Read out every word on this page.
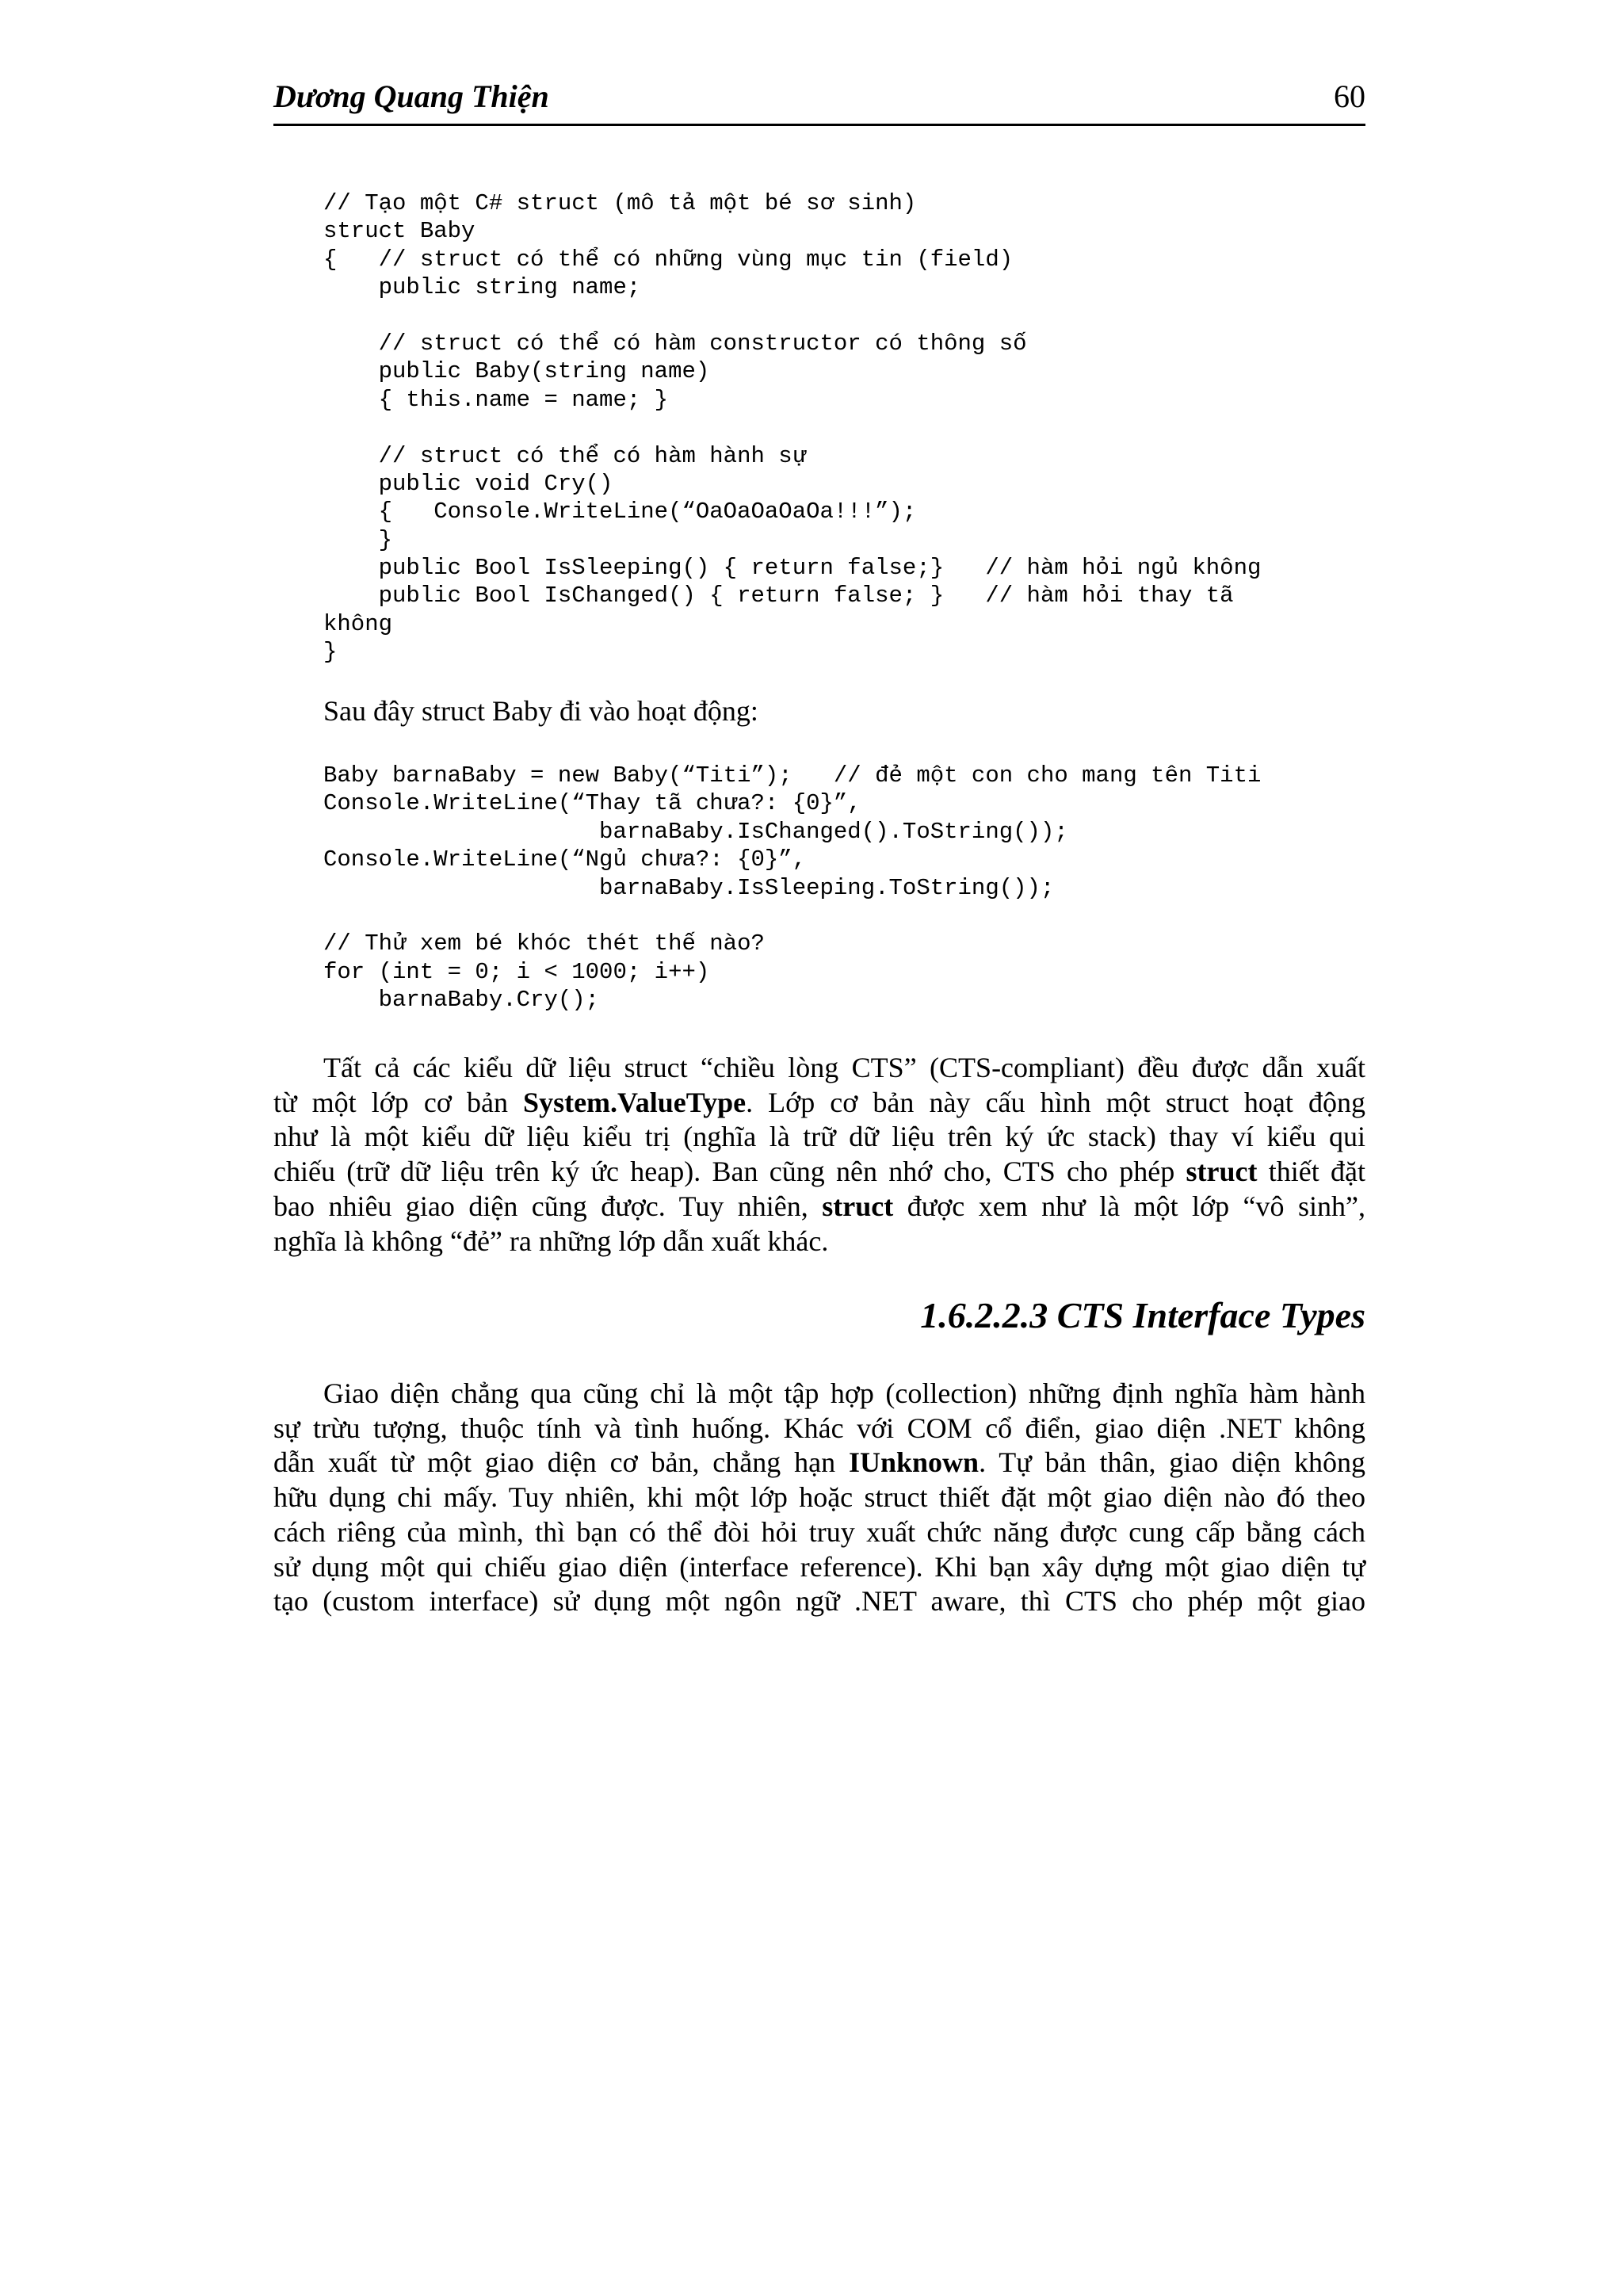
Dương Quang Thiện	60
// Tạo một C# struct (mô tả một bé sơ sinh)
struct Baby
{   // struct có thể có những vùng mục tin (field)
public string name;
// struct có thể có hàm constructor có thông số
public Baby(string name)
{ this.name = name; }
// struct có thể có hàm hành sự
public void Cry()
{   Console.WriteLine(“OaOaOaOaOa!!!”);
}
public Bool IsSleeping() { return false;}   // hàm hỏi ngủ không
public Bool IsChanged() { return false; }   // hàm hỏi thay tã
không
}

Sau đây struct Baby đi vào hoạt động:

Baby barnaBaby = new Baby(“Titi”);   // đẻ một con cho mang tên Titi
Console.WriteLine(“Thay tã chưa?: {0}”,
barnaBaby.IsChanged().ToString());
Console.WriteLine(“Ngủ chưa?: {0}”,
barnaBaby.IsSleeping.ToString());
// Thử xem bé khóc thét thế nào?
for (int = 0; i < 1000; i++)
barnaBaby.Cry();
Tất cả các kiểu dữ liệu struct “chiều lòng CTS” (CTS-compliant) đều được dẫn xuất
từ một lớp cơ bản System.ValueType. Lớp cơ bản này cấu hình một struct hoạt động
như là một kiểu dữ liệu kiểu trị (nghĩa là trữ dữ liệu trên ký ức stack) thay ví kiểu qui
chiếu (trữ dữ liệu trên ký ức heap). Ban cũng nên nhớ cho, CTS cho phép struct thiết đặt
bao nhiêu giao diện cũng được. Tuy nhiên, struct được xem như là một lớp “vô sinh”,
nghĩa là không “đẻ” ra những lớp dẫn xuất khác.
1.6.2.2.3 CTS Interface Types
Giao diện chẳng qua cũng chỉ là một tập hợp (collection) những định nghĩa hàm hành
sự trừu tượng, thuộc tính và tình huống. Khác với COM cổ điển, giao diện .NET không
dẫn xuất từ một giao diện cơ bản, chẳng hạn IUnknown. Tự bản thân, giao diện không
hữu dụng chi mấy. Tuy nhiên, khi một lớp hoặc struct thiết đặt một giao diện nào đó theo
cách riêng của mình, thì bạn có thể đòi hỏi truy xuất chức năng được cung cấp bằng cách
sử dụng một qui chiếu giao diện (interface reference). Khi bạn xây dựng một giao diện tự
tạo (custom interface) sử dụng một ngôn ngữ .NET aware, thì CTS cho phép một giao
